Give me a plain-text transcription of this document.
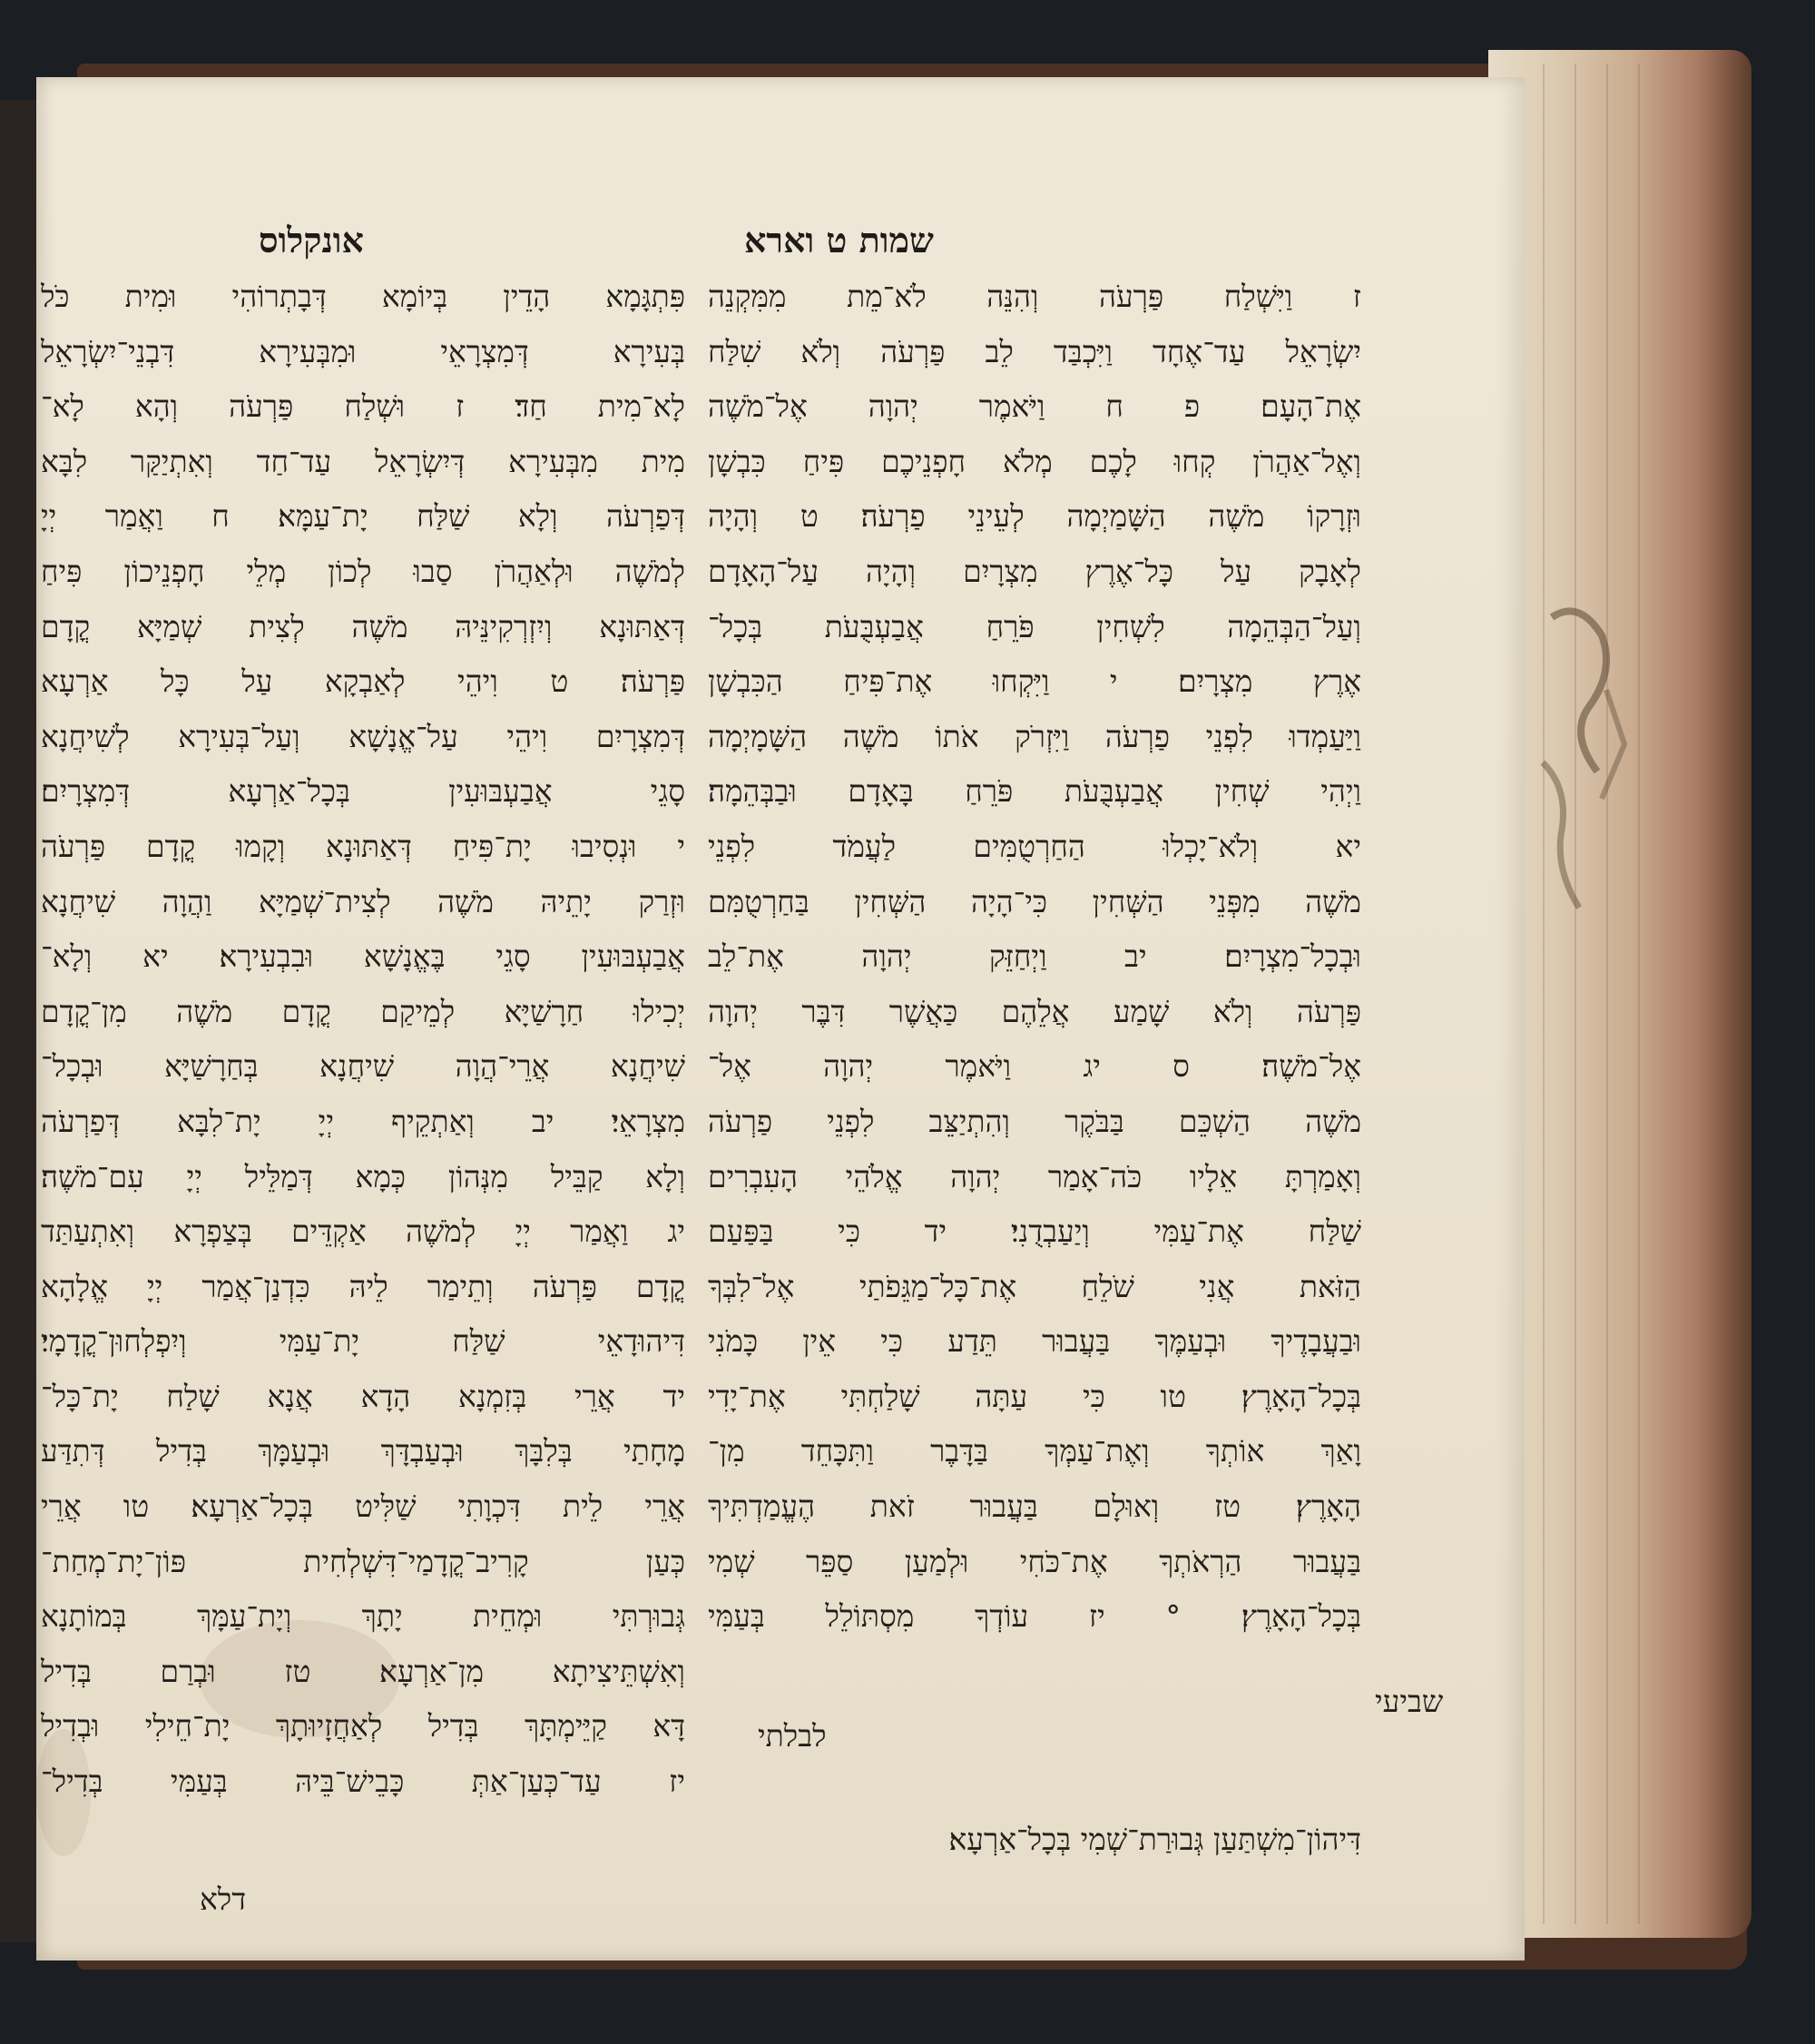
שמות ט וארא
אונקלוס
ז וַיִּשְׁלַח פַּרְעֹה וְהִנֵּה לֹא־מֵת מִמִּקְנֵה
יִשְׂרָאֵל עַד־אֶחָד וַיִּכְבַּד לֵב פַּרְעֹה וְלֹא שִׁלַּח
אֶת־הָעָם׃ פ ח וַיֹּאמֶר יְהוָה אֶל־מֹשֶׁה
וְאֶל־אַהֲרֹן קְחוּ לָכֶם מְלֹא חָפְנֵיכֶם פִּיחַ כִּבְשָׁן
וּזְרָקוֹ מֹשֶׁה הַשָּׁמַיְמָה לְעֵינֵי פַרְעֹה׃ ט וְהָיָה
לְאָבָק עַל כָּל־אֶרֶץ מִצְרָיִם וְהָיָה עַל־הָאָדָם
וְעַל־הַבְּהֵמָה לִשְׁחִין פֹּרֵחַ אֲבַעְבֻּעֹת בְּכָל־
אֶרֶץ מִצְרָיִם׃ י וַיִּקְחוּ אֶת־פִּיחַ הַכִּבְשָׁן
וַיַּעַמְדוּ לִפְנֵי פַרְעֹה וַיִּזְרֹק אֹתוֹ מֹשֶׁה הַשָּׁמָיְמָה
וַיְהִי שְׁחִין אֲבַעְבֻּעֹת פֹּרֵחַ בָּאָדָם וּבַבְּהֵמָה׃
יא וְלֹא־יָכְלוּ הַחַרְטֻמִּים לַעֲמֹד לִפְנֵי
מֹשֶׁה מִפְּנֵי הַשְּׁחִין כִּי־הָיָה הַשְּׁחִין בַּחַרְטֻמִּם
וּבְכָל־מִצְרָיִם׃ יב וַיְחַזֵּק יְהוָה אֶת־לֵב
פַּרְעֹה וְלֹא שָׁמַע אֲלֵהֶם כַּאֲשֶׁר דִּבֶּר יְהוָה
אֶל־מֹשֶׁה׃ ס יג וַיֹּאמֶר יְהוָה אֶל־
מֹשֶׁה הַשְׁכֵּם בַּבֹּקֶר וְהִתְיַצֵּב לִפְנֵי פַרְעֹה
וְאָמַרְתָּ אֵלָיו כֹּה־אָמַר יְהוָה אֱלֹהֵי הָעִבְרִים
שַׁלַּח אֶת־עַמִּי וְיַעַבְדֻנִי׃ יד כִּי בַּפַּעַם
הַזֹּאת אֲנִי שֹׁלֵחַ אֶת־כָּל־מַגֵּפֹתַי אֶל־לִבְּךָ
וּבַעֲבָדֶיךָ וּבְעַמֶּךָ בַּעֲבוּר תֵּדַע כִּי אֵין כָּמֹנִי
בְּכָל־הָאָרֶץ׃ טו כִּי עַתָּה שָׁלַחְתִּי אֶת־יָדִי
וָאַךְ אוֹתְךָ וְאֶת־עַמְּךָ בַּדָּבֶר וַתִּכָּחֵד מִן־
הָאָרֶץ׃ טז וְאוּלָם בַּעֲבוּר זֹאת הֶעֱמַדְתִּיךָ
בַּעֲבוּר הַרְאֹתְךָ אֶת־כֹּחִי וּלְמַעַן סַפֵּר שְׁמִי
בְּכָל־הָאָרֶץ׃ ° יז עוֹדְךָ מִסְתּוֹלֵל בְּעַמִּי
לבלתי
פִּתְגָּמָא הָדֵין בְּיוֹמָא דְּבָתְרוֹהִי וּמִית כֹּל
בְּעִירָא דְּמִצְרָאֵי וּמִבְּעִירָא דִּבְנֵי־יִשְׂרָאֵל
לָא־מִית חַד׃ ז וּשְׁלַח פַּרְעֹה וְהָא לָא־
מִית מִבְּעִירָא דְּיִשְׂרָאֵל עַד־חַד וְאִתְיַקַּר לִבָּא
דְּפַרְעֹה וְלָא שַׁלַּח יָת־עַמָּא׃ ח וַאֲמַר יְיָ
לְמֹשֶׁה וּלְאַהֲרֹן סַבוּ לְכוֹן מְלֵי חָפְנֵיכוֹן פִּיחַ
דְּאַתּוּנָא וְיִזְרְקִינֵּיהּ מֹשֶׁה לְצִית שְׁמַיָּא קֳדָם
פַּרְעֹה׃ ט וִיהֵי לְאַבְקָא עַל כָּל אַרְעָא
דְּמִצְרָיִם וִיהֵי עַל־אֱנָשָׁא וְעַל־בְּעִירָא לְשִׁיחֲנָא
סָגֵי אֲבַעְבּוּעִין בְּכָל־אַרְעָא דְּמִצְרָיִם׃
י וּנְסִיבוּ יָת־פִּיחַ דְּאַתּוּנָא וְקָמוּ קֳדָם פַּרְעֹה
וּזְרַק יָתֵיהּ מֹשֶׁה לְצִית־שְׁמַיָּא וַהֲוָה שִׁיחֲנָא
אֲבַעְבּוּעִין סָגֵי בֶּאֱנָשָׁא וּבִבְעִירָא׃ יא וְלָא־
יְכִילוּ חַרָשַׁיָּא לְמֵיקַם קֳדָם מֹשֶׁה מִן־קֳדָם
שִׁיחֲנָא אֲרֵי־הֲוָה שִׁיחֲנָא בְּחַרָשַׁיָּא וּבְכָל־
מִצְרָאֵי׃ יב וְאַתְקֵיף יְיָ יָת־לִבָּא דְּפַרְעֹה
וְלָא קַבֵּיל מִנְּהוֹן כְּמָא דְּמַלֵּיל יְיָ עִם־מֹשֶׁה׃
יג וַאֲמַר יְיָ לְמֹשֶׁה אַקְדֵּים בְּצַפְרָא וְאִתְעַתַּד
קֳדָם פַּרְעֹה וְתֵימַר לֵיהּ כִּדְנַן־אֲמַר יְיָ אֱלָהָא
דִּיהוּדָאֵי שַׁלַּח יָת־עַמִּי וְיִפְלְחוּן־קֳדָמָי׃
יד אֲרֵי בְּזִמְנָא הָדָא אֲנָא שָׁלַח יָת־כָּל־
מָחָתַי בְּלִבָּךְ וּבְעַבְדָּךְ וּבְעַמָּךְ בְּדִיל דְּתִדַּע
אֲרֵי לֵית דִּכְוָתִי שַׁלִּיט בְּכָל־אַרְעָא׃ טו אֲרֵי
כְּעַן קָרִיב־קֳדָמַי־דִּשְׁלְחִית פּוֹן־יָת־מְחַת־
גְּבוּרְתִּי וּמְחֵית יָתָךְ וְיָת־עַמָּךְ בְּמוֹתָנָא
וְאִשְׁתֵּיצִיתָא מִן־אַרְעָא׃ טז וּבְרַם בְּדִיל
דָּא קַיֵּימְתָּךְ בְּדִיל לְאַחֲזָיוּתָךְ יָת־חֵילִי וּבְדִיל
יז עַד־כְּעַן־אַתְּ כָּבֵישׁ־בֵּיהּ בְּעַמִּי בְּדִיל־
דִּיהוֹן־מִשְׁתַּעַן גְּבוּרַת־שְׁמִי בְּכָל־אַרְעָא׃
דלא
שביעי
